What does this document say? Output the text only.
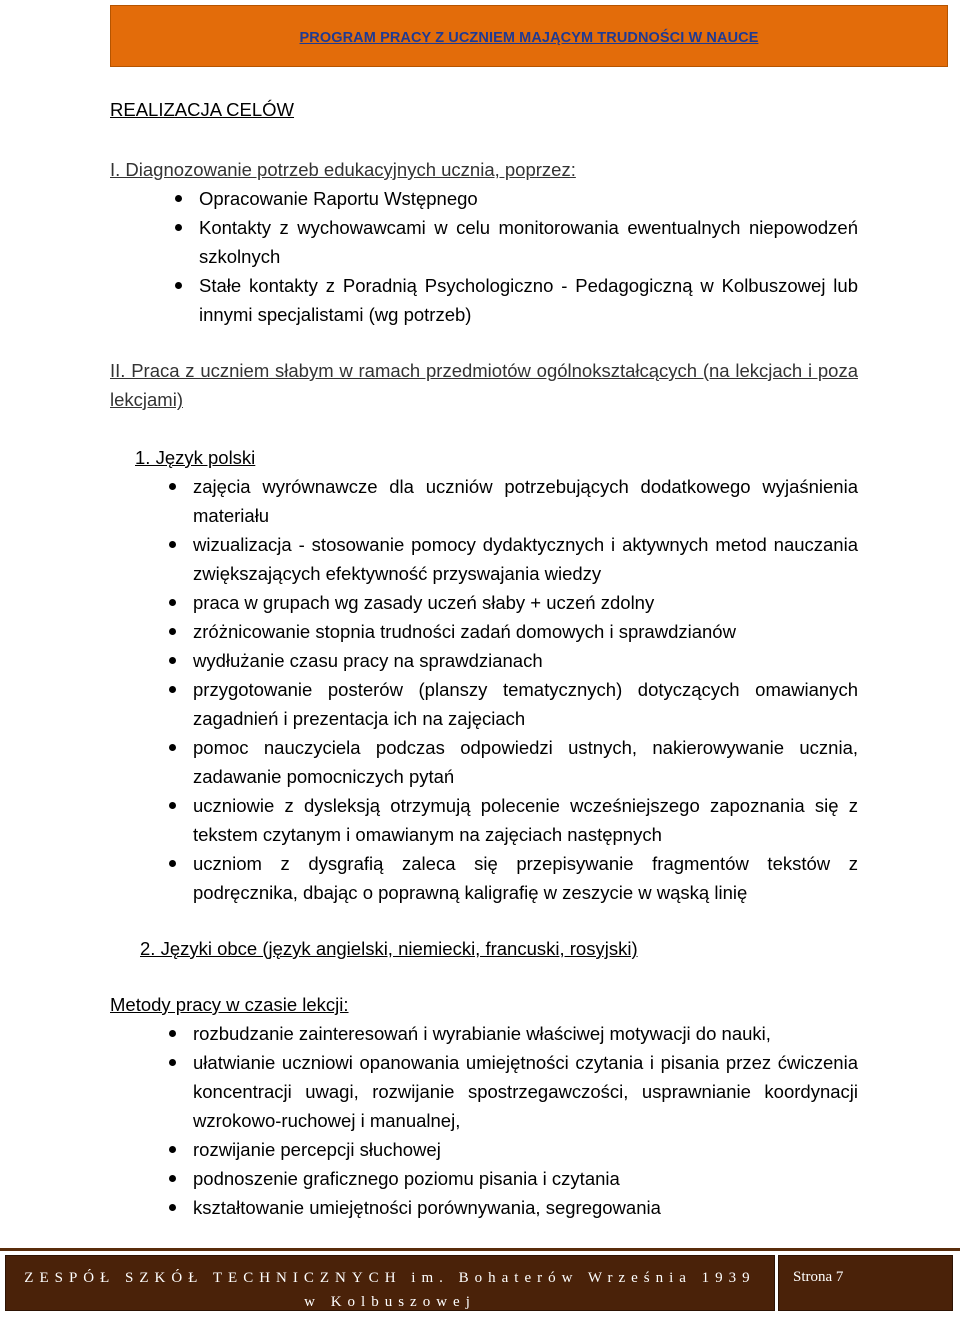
PROGRAM PRACY Z UCZNIEM MAJĄCYM TRUDNOŚCI W NAUCE
REALIZACJA CELÓW
I. Diagnozowanie potrzeb edukacyjnych ucznia, poprzez:
Opracowanie Raportu Wstępnego
Kontakty z wychowawcami w celu monitorowania ewentualnych niepowodzeń szkolnych
Stałe kontakty z Poradnią Psychologiczno - Pedagogiczną w Kolbuszowej lub innymi specjalistami (wg potrzeb)
II. Praca z uczniem słabym w ramach przedmiotów ogólnokształcących (na lekcjach i poza lekcjami)
1. Język polski
zajęcia wyrównawcze dla uczniów potrzebujących dodatkowego wyjaśnienia materiału
wizualizacja - stosowanie pomocy dydaktycznych i aktywnych metod nauczania zwiększających efektywność przyswajania wiedzy
praca w grupach wg zasady uczeń słaby + uczeń zdolny
zróżnicowanie stopnia trudności zadań domowych i sprawdzianów
wydłużanie czasu pracy na sprawdzianach
przygotowanie posterów (planszy tematycznych) dotyczących omawianych zagadnień i prezentacja ich na zajęciach
pomoc nauczyciela podczas odpowiedzi ustnych, nakierowywanie ucznia, zadawanie pomocniczych pytań
uczniowie z dysleksją otrzymują polecenie wcześniejszego zapoznania się z tekstem czytanym i omawianym na zajęciach następnych
uczniom z dysgrafią zaleca się przepisywanie fragmentów tekstów z podręcznika, dbając o poprawną kaligrafię w zeszycie w wąską linię
2. Języki obce (język angielski, niemiecki, francuski, rosyjski)
Metody pracy w czasie lekcji:
rozbudzanie zainteresowań i wyrabianie właściwej motywacji do nauki,
ułatwianie uczniowi opanowania umiejętności czytania i pisania przez ćwiczenia koncentracji uwagi, rozwijanie spostrzegawczości, usprawnianie koordynacji wzrokowo-ruchowej i manualnej,
rozwijanie percepcji słuchowej
podnoszenie graficznego poziomu pisania i czytania
kształtowanie umiejętności porównywania, segregowania
ZESPÓŁ SZKÓŁ TECHNICZNYCH im. Bohaterów Września 1939
w Kolbuszowej
Strona 7
